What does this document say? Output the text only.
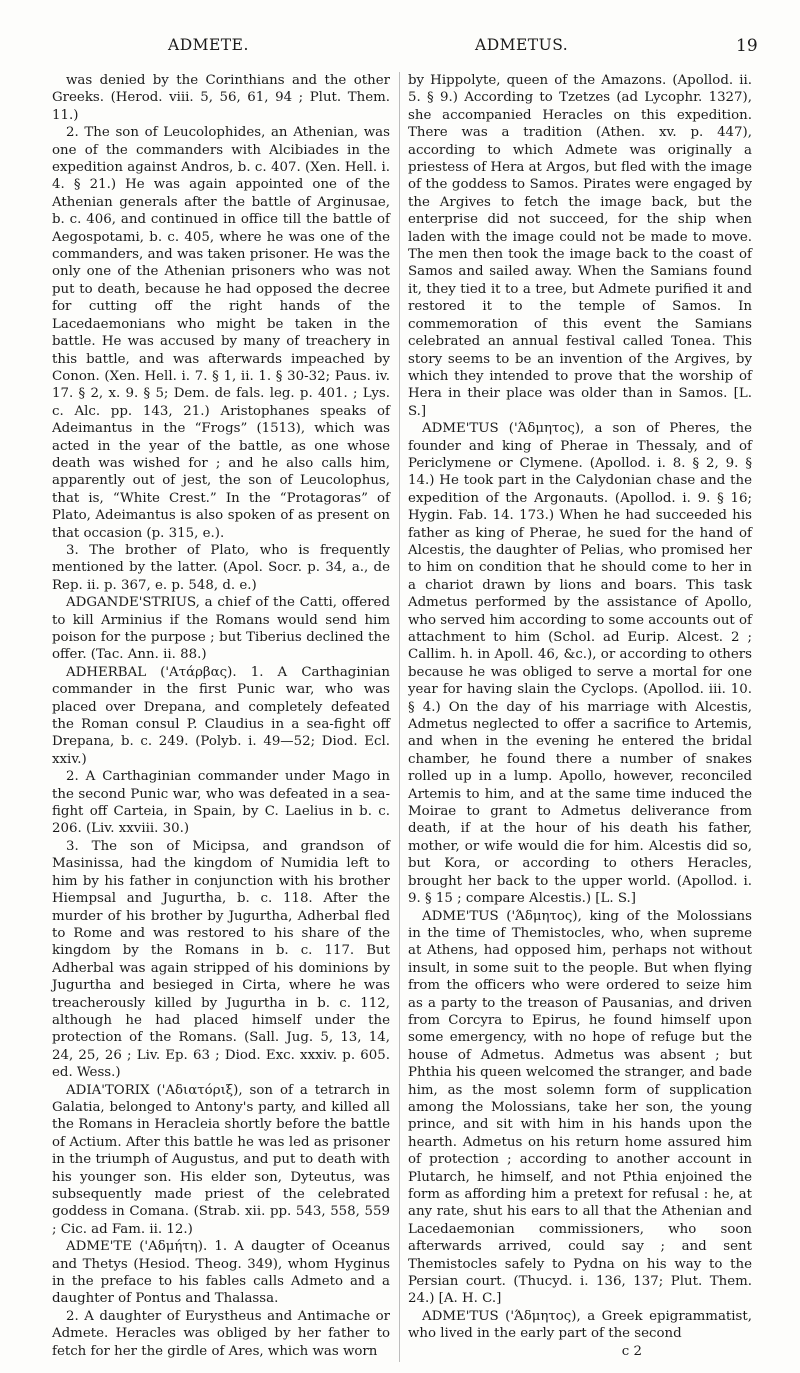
ADMETE.	ADMETUS.	19

was denied by the Corinthians and the other Greeks. (Herod. viii. 5, 56, 61, 94 ; Plut. Them. 11.)

2. The son of Leucolophides, an Athenian, was one of the commanders with Alcibiades in the expedition against Andros, b. c. 407. (Xen. Hell. i. 4. § 21.) He was again appointed one of the Athenian generals after the battle of Arginusae, b. c. 406, and continued in office till the battle of Aegospotami, b. c. 405, where he was one of the commanders, and was taken prisoner. He was the only one of the Athenian prisoners who was not put to death, because he had opposed the decree for cutting off the right hands of the Lacedaemonians who might be taken in the battle. He was accused by many of treachery in this battle, and was afterwards impeached by Conon. (Xen. Hell. i. 7. § 1, ii. 1. § 30-32; Paus. iv. 17. § 2, x. 9. § 5; Dem. de fals. leg. p. 401. ; Lys. c. Alc. pp. 143, 21.) Aristophanes speaks of Adeimantus in the “Frogs” (1513), which was acted in the year of the battle, as one whose death was wished for ; and he also calls him, apparently out of jest, the son of Leucolophus, that is, “White Crest.” In the “Protagoras” of Plato, Adeimantus is also spoken of as present on that occasion (p. 315, e.).

3. The brother of Plato, who is frequently mentioned by the latter. (Apol. Socr. p. 34, a., de Rep. ii. p. 367, e. p. 548, d. e.)

ADGANDE'STRIUS, a chief of the Catti, offered to kill Arminius if the Romans would send him poison for the purpose ; but Tiberius declined the offer. (Tac. Ann. ii. 88.)

ADHERBAL ('Ατάρβας). 1. A Carthaginian commander in the first Punic war, who was placed over Drepana, and completely defeated the Roman consul P. Claudius in a sea-fight off Drepana, b. c. 249. (Polyb. i. 49—52; Diod. Ecl. xxiv.)

2. A Carthaginian commander under Mago in the second Punic war, who was defeated in a sea-fight off Carteia, in Spain, by C. Laelius in b. c. 206. (Liv. xxviii. 30.)

3. The son of Micipsa, and grandson of Masinissa, had the kingdom of Numidia left to him by his father in conjunction with his brother Hiempsal and Jugurtha, b. c. 118. After the murder of his brother by Jugurtha, Adherbal fled to Rome and was restored to his share of the kingdom by the Romans in b. c. 117. But Adherbal was again stripped of his dominions by Jugurtha and besieged in Cirta, where he was treacherously killed by Jugurtha in b. c. 112, although he had placed himself under the protection of the Romans. (Sall. Jug. 5, 13, 14, 24, 25, 26 ; Liv. Ep. 63 ; Diod. Exc. xxxiv. p. 605. ed. Wess.)

ADIA'TORIX ('Αδιατόριξ), son of a tetrarch in Galatia, belonged to Antony's party, and killed all the Romans in Heracleia shortly before the battle of Actium. After this battle he was led as prisoner in the triumph of Augustus, and put to death with his younger son. His elder son, Dyteutus, was subsequently made priest of the celebrated goddess in Comana. (Strab. xii. pp. 543, 558, 559 ; Cic. ad Fam. ii. 12.)

ADME'TE ('Αδμήτη). 1. A daugter of Oceanus and Thetys (Hesiod. Theog. 349), whom Hyginus in the preface to his fables calls Admeto and a daughter of Pontus and Thalassa.

2. A daughter of Eurystheus and Antimache or Admete. Heracles was obliged by her father to fetch for her the girdle of Ares, which was worn

by Hippolyte, queen of the Amazons. (Apollod. ii. 5. § 9.) According to Tzetzes (ad Lycophr. 1327), she accompanied Heracles on this expedition. There was a tradition (Athen. xv. p. 447), according to which Admete was originally a priestess of Hera at Argos, but fled with the image of the goddess to Samos. Pirates were engaged by the Argives to fetch the image back, but the enterprise did not succeed, for the ship when laden with the image could not be made to move. The men then took the image back to the coast of Samos and sailed away. When the Samians found it, they tied it to a tree, but Admete purified it and restored it to the temple of Samos. In commemoration of this event the Samians celebrated an annual festival called Tonea. This story seems to be an invention of the Argives, by which they intended to prove that the worship of Hera in their place was older than in Samos. [L. S.]

ADME'TUS ('Άδμητος), a son of Pheres, the founder and king of Pherae in Thessaly, and of Periclymene or Clymene. (Apollod. i. 8. § 2, 9. § 14.) He took part in the Calydonian chase and the expedition of the Argonauts. (Apollod. i. 9. § 16; Hygin. Fab. 14. 173.) When he had succeeded his father as king of Pherae, he sued for the hand of Alcestis, the daughter of Pelias, who promised her to him on condition that he should come to her in a chariot drawn by lions and boars. This task Admetus performed by the assistance of Apollo, who served him according to some accounts out of attachment to him (Schol. ad Eurip. Alcest. 2 ; Callim. h. in Apoll. 46, &c.), or according to others because he was obliged to serve a mortal for one year for having slain the Cyclops. (Apollod. iii. 10. § 4.) On the day of his marriage with Alcestis, Admetus neglected to offer a sacrifice to Artemis, and when in the evening he entered the bridal chamber, he found there a number of snakes rolled up in a lump. Apollo, however, reconciled Artemis to him, and at the same time induced the Moirae to grant to Admetus deliverance from death, if at the hour of his death his father, mother, or wife would die for him. Alcestis did so, but Kora, or according to others Heracles, brought her back to the upper world. (Apollod. i. 9. § 15 ; compare Alcestis.) [L. S.]

ADME'TUS ('Άδμητος), king of the Molossians in the time of Themistocles, who, when supreme at Athens, had opposed him, perhaps not without insult, in some suit to the people. But when flying from the officers who were ordered to seize him as a party to the treason of Pausanias, and driven from Corcyra to Epirus, he found himself upon some emergency, with no hope of refuge but the house of Admetus. Admetus was absent ; but Phthia his queen welcomed the stranger, and bade him, as the most solemn form of supplication among the Molossians, take her son, the young prince, and sit with him in his hands upon the hearth. Admetus on his return home assured him of protection ; according to another account in Plutarch, he himself, and not Pthia enjoined the form as affording him a pretext for refusal : he, at any rate, shut his ears to all that the Athenian and Lacedaemonian commissioners, who soon afterwards arrived, could say ; and sent Themistocles safely to Pydna on his way to the Persian court. (Thucyd. i. 136, 137; Plut. Them. 24.) [A. H. C.]

ADME'TUS ('Άδμητος), a Greek epigrammatist, who lived in the early part of the second

c 2
